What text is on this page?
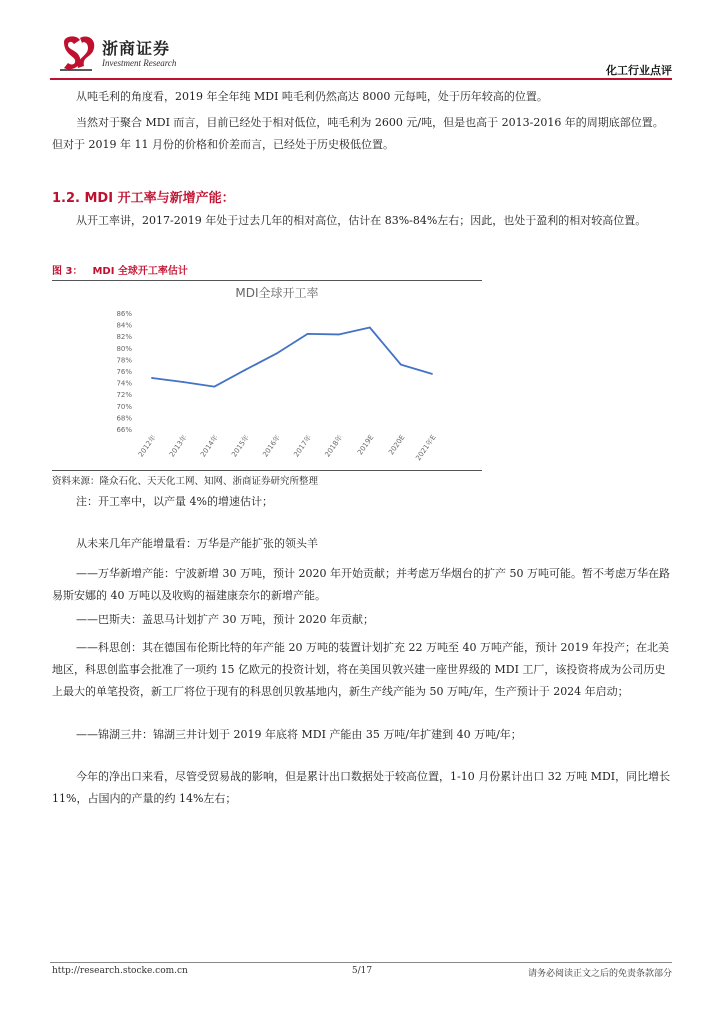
浙商证券
Investment Research
化工行业点评

从吨毛利的角度看，2019 年全年纯 MDI 吨毛利仍然高达 8000 元每吨，处于历年较高的位置。

当然对于聚合 MDI 而言，目前已经处于相对低位，吨毛利为 2600 元/吨，但是也高于 2013-2016 年的周期底部位置。但对于 2019 年 11 月份的价格和价差而言，已经处于历史极低位置。

1.2. MDI 开工率与新增产能：

从开工率讲，2017-2019 年处于过去几年的相对高位，估计在 83%-84%左右；因此，也处于盈利的相对较高位置。

图 3： MDI 全球开工率估计
MDI全球开工率
86%
84%
82%
80%
78%
76%
74%
72%
70%
68%
66%
2012年 2013年 2014年 2015年 2016年 2017年 2018年 2019E 2020E 2021年E
资料来源：隆众石化、天天化工网、知网、浙商证券研究所整理
注：开工率中，以产量 4%的增速估计；

从未来几年产能增量看：万华是产能扩张的领头羊

——万华新增产能：宁波新增 30 万吨，预计 2020 年开始贡献；并考虑万华烟台的扩产 50 万吨可能。暂不考虑万华在路易斯安娜的 40 万吨以及收购的福建康奈尔的新增产能。

——巴斯夫：盖思马计划扩产 30 万吨，预计 2020 年贡献；

——科思创：其在德国布伦斯比特的年产能 20 万吨的装置计划扩充 22 万吨至 40 万吨产能，预计 2019 年投产；在北美地区，科思创监事会批准了一项约 15 亿欧元的投资计划，将在美国贝敦兴建一座世界级的 MDI 工厂，该投资将成为公司历史上最大的单笔投资，新工厂将位于现有的科思创贝敦基地内，新生产线产能为 50 万吨/年，生产预计于 2024 年启动；

——锦湖三井：锦湖三井计划于 2019 年底将 MDI 产能由 35 万吨/年扩建到 40 万吨/年；

今年的净出口来看，尽管受贸易战的影响，但是累计出口数据处于较高位置，1-10 月份累计出口 32 万吨 MDI，同比增长 11%，占国内的产量的约 14%左右；

http://research.stocke.com.cn	5/17	请务必阅读正文之后的免责条款部分
